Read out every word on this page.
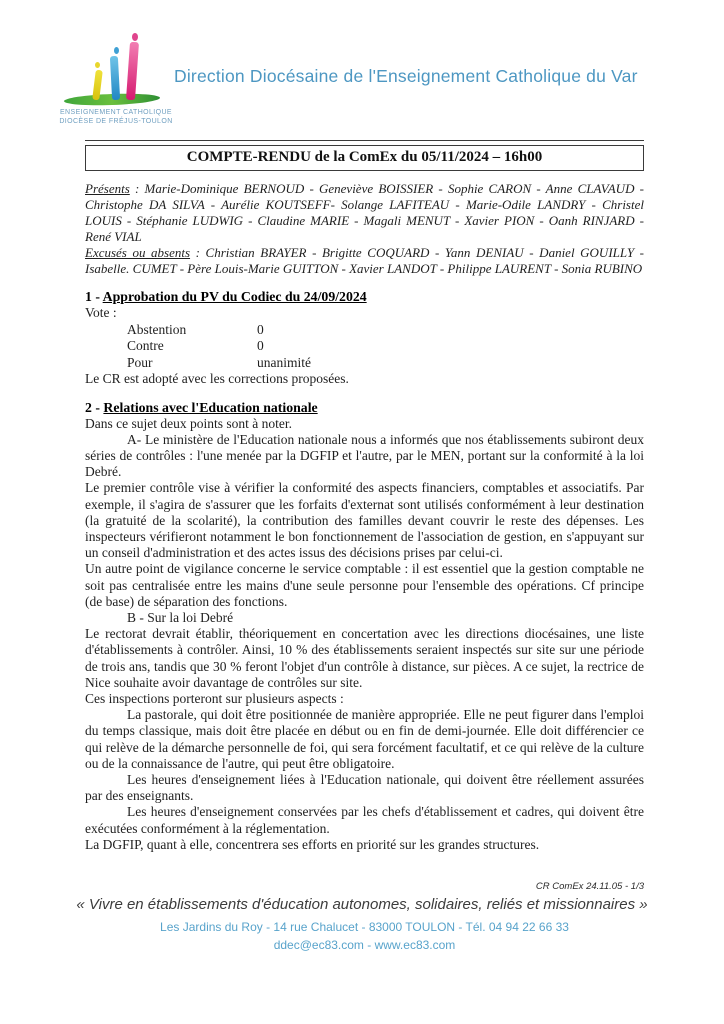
ENSEIGNEMENT CATHOLIQUE
DIOCÈSE DE FRÉJUS-TOULON
Direction Diocésaine de l'Enseignement Catholique du Var
COMPTE-RENDU de la ComEx du 05/11/2024 – 16h00

Présents : Marie-Dominique BERNOUD - Geneviève BOISSIER - Sophie CARON - Anne CLAVAUD - Christophe DA SILVA - Aurélie KOUTSEFF- Solange LAFITEAU - Marie-Odile LANDRY - Christel LOUIS - Stéphanie LUDWIG - Claudine MARIE - Magali MENUT - Xavier PION - Oanh RINJARD - René VIAL

Excusés ou absents : Christian BRAYER - Brigitte COQUARD - Yann DENIAU - Daniel GOUILLY - Isabelle. CUMET - Père Louis-Marie GUITTON - Xavier LANDOT - Philippe LAURENT - Sonia RUBINO

1 - Approbation du PV du Codiec du 24/09/2024
Vote :
Abstention	0
Contre	0
Pour	unanimité
Le CR est adopté avec les corrections proposées.
2 - Relations avec l'Education nationale
Dans ce sujet deux points sont à noter.
A- Le ministère de l'Education nationale nous a informés que nos établissements subiront deux séries de contrôles : l'une menée par la DGFIP et l'autre, par le MEN, portant sur la conformité à la loi Debré.
Le premier contrôle vise à vérifier la conformité des aspects financiers, comptables et associatifs. Par exemple, il s'agira de s'assurer que les forfaits d'externat sont utilisés conformément à leur destination (la gratuité de la scolarité), la contribution des familles devant couvrir le reste des dépenses. Les inspecteurs vérifieront notamment le bon fonctionnement de l'association de gestion, en s'appuyant sur un conseil d'administration et des actes issus des décisions prises par celui-ci.
Un autre point de vigilance concerne le service comptable : il est essentiel que la gestion comptable ne soit pas centralisée entre les mains d'une seule personne pour l'ensemble des opérations. Cf principe (de base) de séparation des fonctions.
B - Sur la loi Debré
Le rectorat devrait établir, théoriquement en concertation avec les directions diocésaines, une liste d'établissements à contrôler. Ainsi, 10 % des établissements seraient inspectés sur site sur une période de trois ans, tandis que 30 % feront l'objet d'un contrôle à distance, sur pièces. A ce sujet, la rectrice de Nice souhaite avoir davantage de contrôles sur site.
Ces inspections porteront sur plusieurs aspects :
La pastorale, qui doit être positionnée de manière appropriée. Elle ne peut figurer dans l'emploi du temps classique, mais doit être placée en début ou en fin de demi-journée. Elle doit différencier ce qui relève de la démarche personnelle de foi, qui sera forcément facultatif, et ce qui relève de la culture ou de la connaissance de l'autre, qui peut être obligatoire.
Les heures d'enseignement liées à l'Education nationale, qui doivent être réellement assurées par des enseignants.
Les heures d'enseignement conservées par les chefs d'établissement et cadres, qui doivent être exécutées conformément à la réglementation.
La DGFIP, quant à elle, concentrera ses efforts en priorité sur les grandes structures.
CR ComEx 24.11.05 - 1/3
« Vivre en établissements d'éducation autonomes, solidaires, reliés et missionnaires »
Les Jardins du Roy - 14 rue Chalucet - 83000 TOULON - Tél. 04 94 22 66 33
ddec@ec83.com - www.ec83.com
